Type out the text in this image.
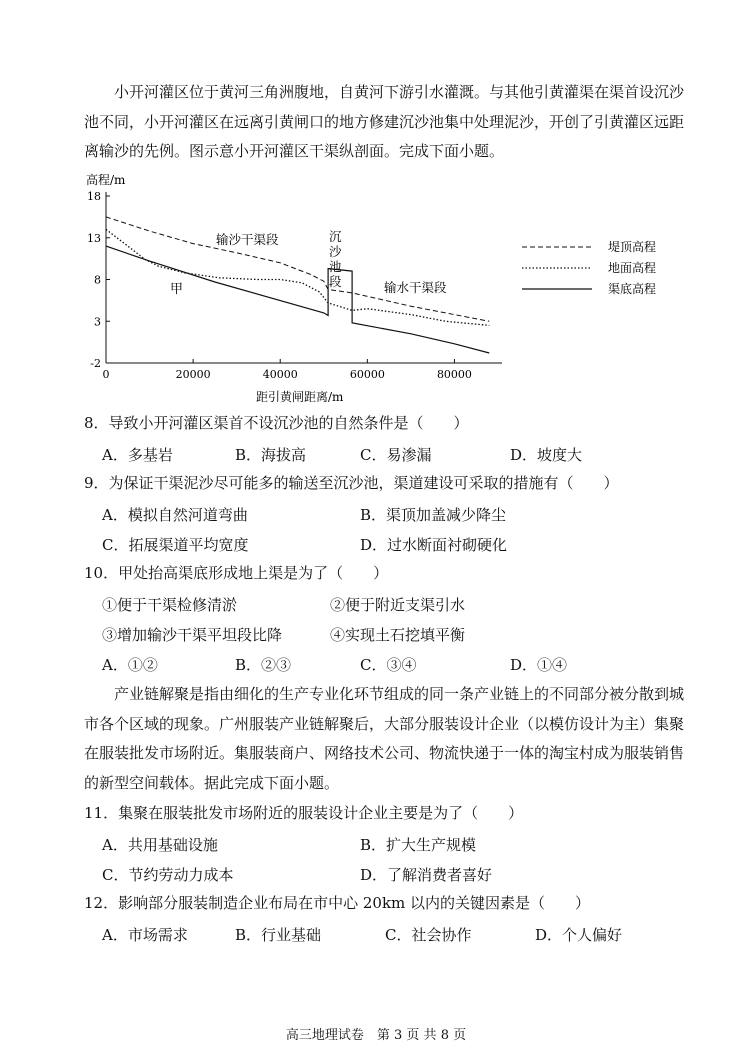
小开河灌区位于黄河三角洲腹地，自黄河下游引水灌溉。与其他引黄灌渠在渠首设沉沙池不同，小开河灌区在远离引黄闸口的地方修建沉沙池集中处理泥沙，开创了引黄灌区远距离输沙的先例。图示意小开河灌区干渠纵剖面。完成下面小题。
高程/m
距引黄闸距离/m
18
13
8
3
-2
0	20000	40000	60000	80000
输沙干渠段	沉
沙
池
段	输水干渠段
甲
堤顶高程
地面高程
渠底高程
8．导致小开河灌区渠首不设沉沙池的自然条件是（　　）
A．多基岩	B．海拔高	C．易渗漏	D．坡度大
9．为保证干渠泥沙尽可能多的输送至沉沙池，渠道建设可采取的措施有（　　）
A．模拟自然河道弯曲	B．渠顶加盖减少降尘
C．拓展渠道平均宽度	D．过水断面衬砌硬化
10．甲处抬高渠底形成地上渠是为了（　　）
①便于干渠检修清淤	②便于附近支渠引水
③增加输沙干渠平坦段比降	④实现土石挖填平衡
A．①②	B．②③	C．③④	D．①④
产业链解聚是指由细化的生产专业化环节组成的同一条产业链上的不同部分被分散到城市各个区域的现象。广州服装产业链解聚后，大部分服装设计企业（以模仿设计为主）集聚在服装批发市场附近。集服装商户、网络技术公司、物流快递于一体的淘宝村成为服装销售的新型空间载体。据此完成下面小题。
11．集聚在服装批发市场附近的服装设计企业主要是为了（　　）
A．共用基础设施	B．扩大生产规模
C．节约劳动力成本	D．了解消费者喜好
12．影响部分服装制造企业布局在市中心 20km 以内的关键因素是（　　）
A．市场需求	B．行业基础	C．社会协作	D．个人偏好
高三地理试卷　第 3 页 共 8 页
